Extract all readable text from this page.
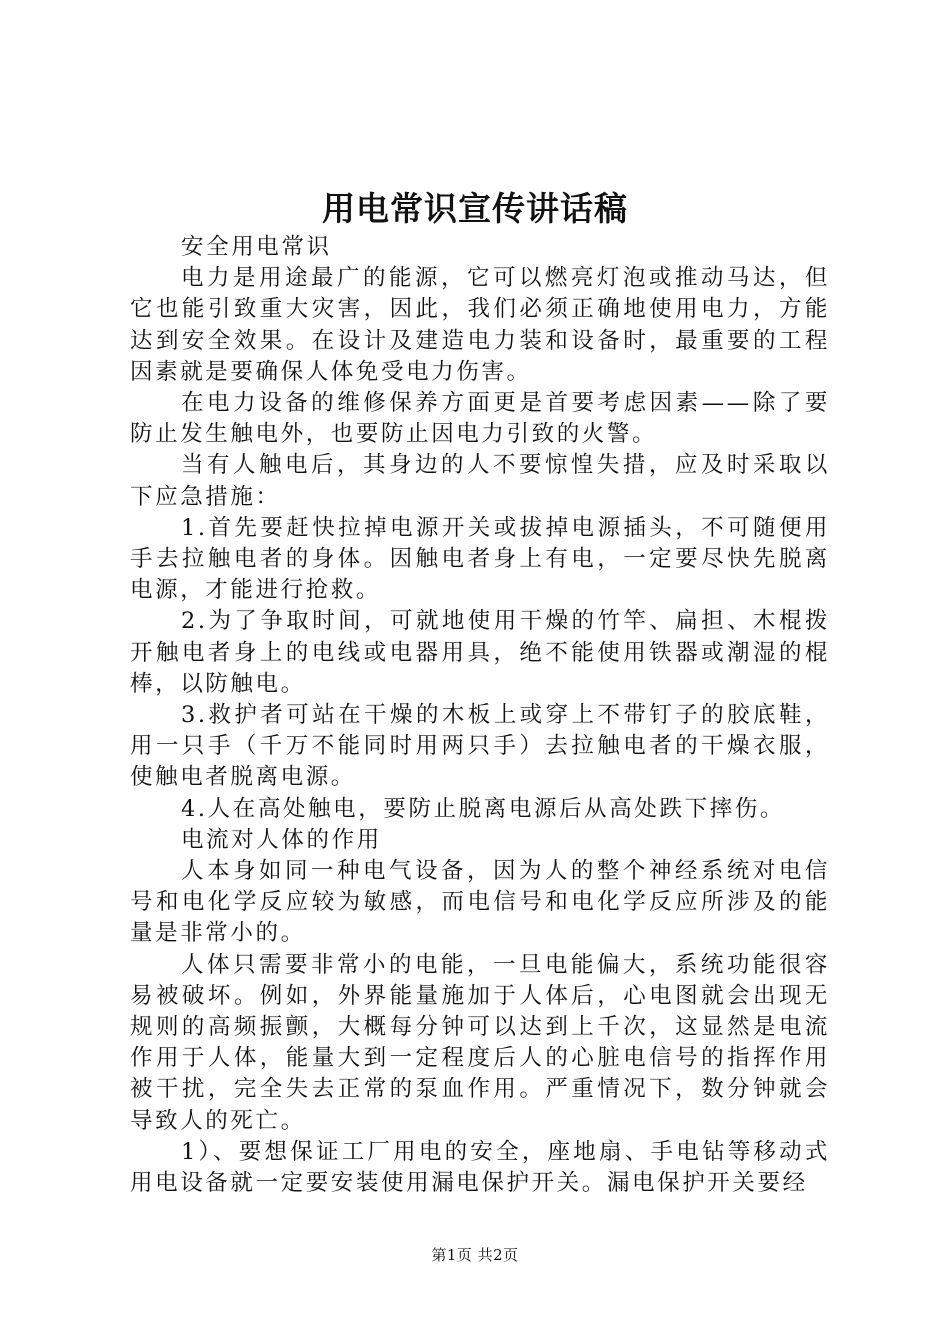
用电常识宣传讲话稿

安全用电常识

电力是用途最广的能源，它可以燃亮灯泡或推动马达，但它也能引致重大灾害，因此，我们必须正确地使用电力，方能达到安全效果。在设计及建造电力装和设备时，最重要的工程因素就是要确保人体免受电力伤害。

在电力设备的维修保养方面更是首要考虑因素——除了要防止发生触电外，也要防止因电力引致的火警。

当有人触电后，其身边的人不要惊惶失措，应及时采取以下应急措施：

1.首先要赶快拉掉电源开关或拔掉电源插头，不可随便用手去拉触电者的身体。因触电者身上有电，一定要尽快先脱离电源，才能进行抢救。

2.为了争取时间，可就地使用干燥的竹竿、扁担、木棍拨开触电者身上的电线或电器用具，绝不能使用铁器或潮湿的棍棒，以防触电。

3.救护者可站在干燥的木板上或穿上不带钉子的胶底鞋，用一只手（千万不能同时用两只手）去拉触电者的干燥衣服，使触电者脱离电源。

4.人在高处触电，要防止脱离电源后从高处跌下摔伤。

电流对人体的作用

人本身如同一种电气设备，因为人的整个神经系统对电信号和电化学反应较为敏感，而电信号和电化学反应所涉及的能量是非常小的。

人体只需要非常小的电能，一旦电能偏大，系统功能很容易被破坏。例如，外界能量施加于人体后，心电图就会出现无规则的高频振颤，大概每分钟可以达到上千次，这显然是电流作用于人体，能量大到一定程度后人的心脏电信号的指挥作用被干扰，完全失去正常的泵血作用。严重情况下，数分钟就会导致人的死亡。

1）、要想保证工厂用电的安全，座地扇、手电钻等移动式用电设备就一定要安装使用漏电保护开关。漏电保护开关要经

第1页 共2页
